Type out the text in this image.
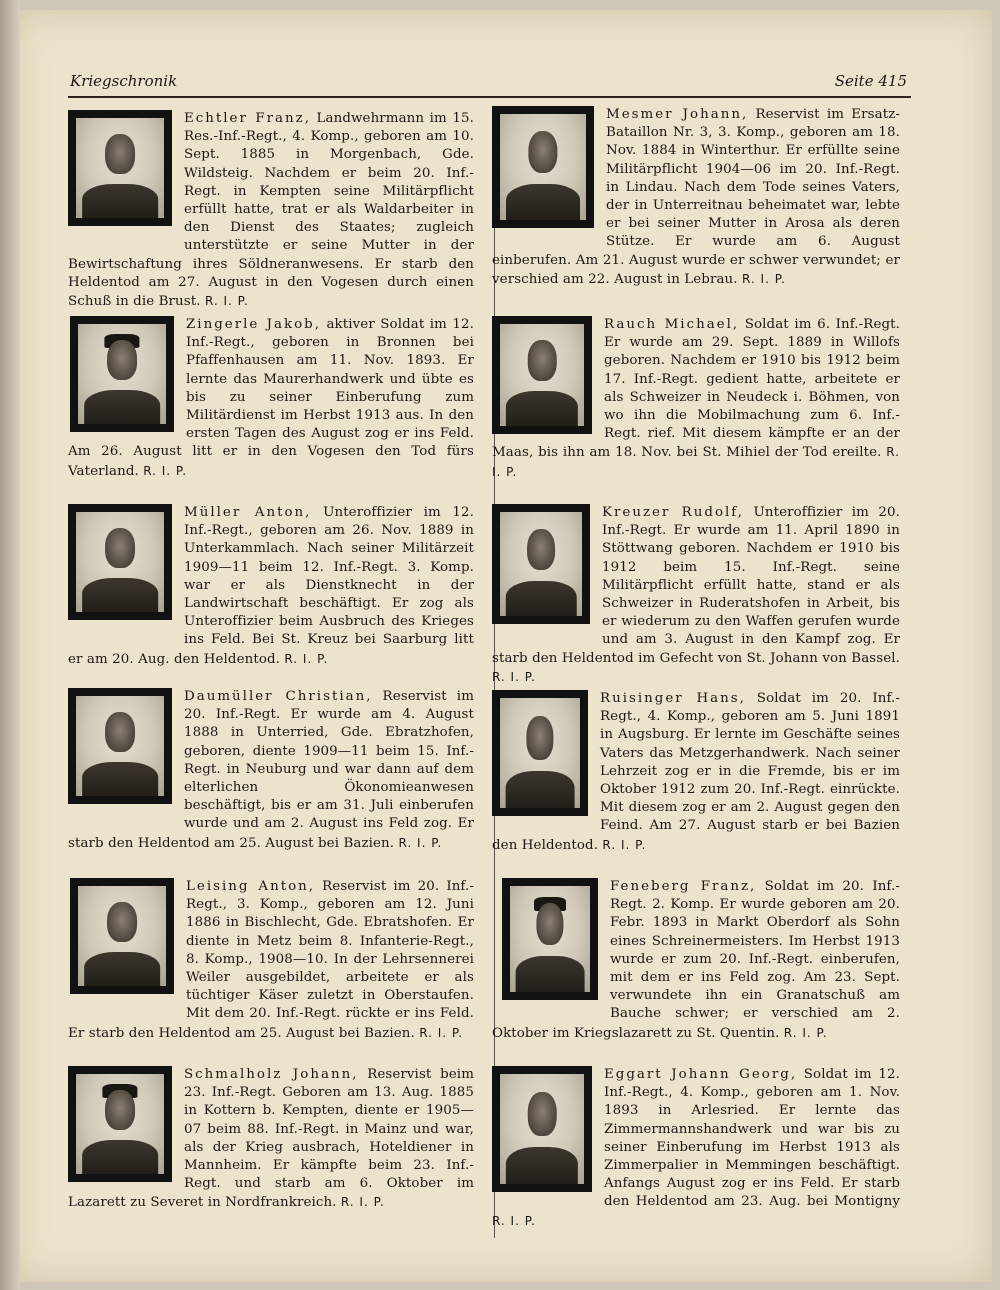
Kriegschronik	Seite 415
Echtler Franz, Landwehrmann im 15. Res.-Inf.-Regt., 4. Komp., geboren am 10. Sept. 1885 in Morgenbach, Gde. Wildsteig. Nachdem er beim 20. Inf.-Regt. in Kempten seine Militärpflicht erfüllt hatte, trat er als Waldarbeiter in den Dienst des Staates; zugleich unterstützte er seine Mutter in der Bewirtschaftung ihres Söldneranwesens. Er starb den Heldentod am 27. August in den Vogesen durch einen Schuß in die Brust. R. I. P.
Zingerle Jakob, aktiver Soldat im 12. Inf.-Regt., geboren in Bronnen bei Pfaffenhausen am 11. Nov. 1893. Er lernte das Maurerhandwerk und übte es bis zu seiner Einberufung zum Militärdienst im Herbst 1913 aus. In den ersten Tagen des August zog er ins Feld. Am 26. August litt er in den Vogesen den Tod fürs Vaterland. R. I. P.
Müller Anton, Unteroffizier im 12. Inf.-Regt., geboren am 26. Nov. 1889 in Unterkammlach. Nach seiner Militärzeit 1909—11 beim 12. Inf.-Regt. 3. Komp. war er als Dienstknecht in der Landwirtschaft beschäftigt. Er zog als Unteroffizier beim Ausbruch des Krieges ins Feld. Bei St. Kreuz bei Saarburg litt er am 20. Aug. den Heldentod. R. I. P.
Daumüller Christian, Reservist im 20. Inf.-Regt. Er wurde am 4. August 1888 in Unterried, Gde. Ebratzhofen, geboren, diente 1909—11 beim 15. Inf.-Regt. in Neuburg und war dann auf dem elterlichen Ökonomieanwesen beschäftigt, bis er am 31. Juli einberufen wurde und am 2. August ins Feld zog. Er starb den Heldentod am 25. August bei Bazien. R. I. P.
Leising Anton, Reservist im 20. Inf.-Regt., 3. Komp., geboren am 12. Juni 1886 in Bischlecht, Gde. Ebratshofen. Er diente in Metz beim 8. Infanterie-Regt., 8. Komp., 1908—10. In der Lehrsennerei Weiler ausgebildet, arbeitete er als tüchtiger Käser zuletzt in Oberstaufen. Mit dem 20. Inf.-Regt. rückte er ins Feld. Er starb den Heldentod am 25. August bei Bazien. R. I. P.
Schmalholz Johann, Reservist beim 23. Inf.-Regt. Geboren am 13. Aug. 1885 in Kottern b. Kempten, diente er 1905—07 beim 88. Inf.-Regt. in Mainz und war, als der Krieg ausbrach, Hoteldiener in Mannheim. Er kämpfte beim 23. Inf.-Regt. und starb am 6. Oktober im Lazarett zu Severet in Nordfrankreich. R. I. P.
Mesmer Johann, Reservist im Ersatz-Bataillon Nr. 3, 3. Komp., geboren am 18. Nov. 1884 in Winterthur. Er erfüllte seine Militärpflicht 1904—06 im 20. Inf.-Regt. in Lindau. Nach dem Tode seines Vaters, der in Unterreitnau beheimatet war, lebte er bei seiner Mutter in Arosa als deren Stütze. Er wurde am 6. August einberufen. Am 21. August wurde er schwer verwundet; er verschied am 22. August in Lebrau. R. I. P.
Rauch Michael, Soldat im 6. Inf.-Regt. Er wurde am 29. Sept. 1889 in Willofs geboren. Nachdem er 1910 bis 1912 beim 17. Inf.-Regt. gedient hatte, arbeitete er als Schweizer in Neudeck i. Böhmen, von wo ihn die Mobilmachung zum 6. Inf.-Regt. rief. Mit diesem kämpfte er an der Maas, bis ihn am 18. Nov. bei St. Mihiel der Tod ereilte. R. I. P.
Kreuzer Rudolf, Unteroffizier im 20. Inf.-Regt. Er wurde am 11. April 1890 in Stöttwang geboren. Nachdem er 1910 bis 1912 beim 15. Inf.-Regt. seine Militärpflicht erfüllt hatte, stand er als Schweizer in Ruderatshofen in Arbeit, bis er wiederum zu den Waffen gerufen wurde und am 3. August in den Kampf zog. Er starb den Heldentod im Gefecht von St. Johann von Bassel. R. I. P.
Ruisinger Hans, Soldat im 20. Inf.-Regt., 4. Komp., geboren am 5. Juni 1891 in Augsburg. Er lernte im Geschäfte seines Vaters das Metzgerhandwerk. Nach seiner Lehrzeit zog er in die Fremde, bis er im Oktober 1912 zum 20. Inf.-Regt. einrückte. Mit diesem zog er am 2. August gegen den Feind. Am 27. August starb er bei Bazien den Heldentod. R. I. P.
Feneberg Franz, Soldat im 20. Inf.-Regt. 2. Komp. Er wurde geboren am 20. Febr. 1893 in Markt Oberdorf als Sohn eines Schreinermeisters. Im Herbst 1913 wurde er zum 20. Inf.-Regt. einberufen, mit dem er ins Feld zog. Am 23. Sept. verwundete ihn ein Granatschuß am Bauche schwer; er verschied am 2. Oktober im Kriegslazarett zu St. Quentin. R. I. P.
Eggart Johann Georg, Soldat im 12. Inf.-Regt., 4. Komp., geboren am 1. Nov. 1893 in Arlesried. Er lernte das Zimmermannshandwerk und war bis zu seiner Einberufung im Herbst 1913 als Zimmerpalier in Memmingen beschäftigt. Anfangs August zog er ins Feld. Er starb den Heldentod am 23. Aug. bei Montigny R. I. P.
